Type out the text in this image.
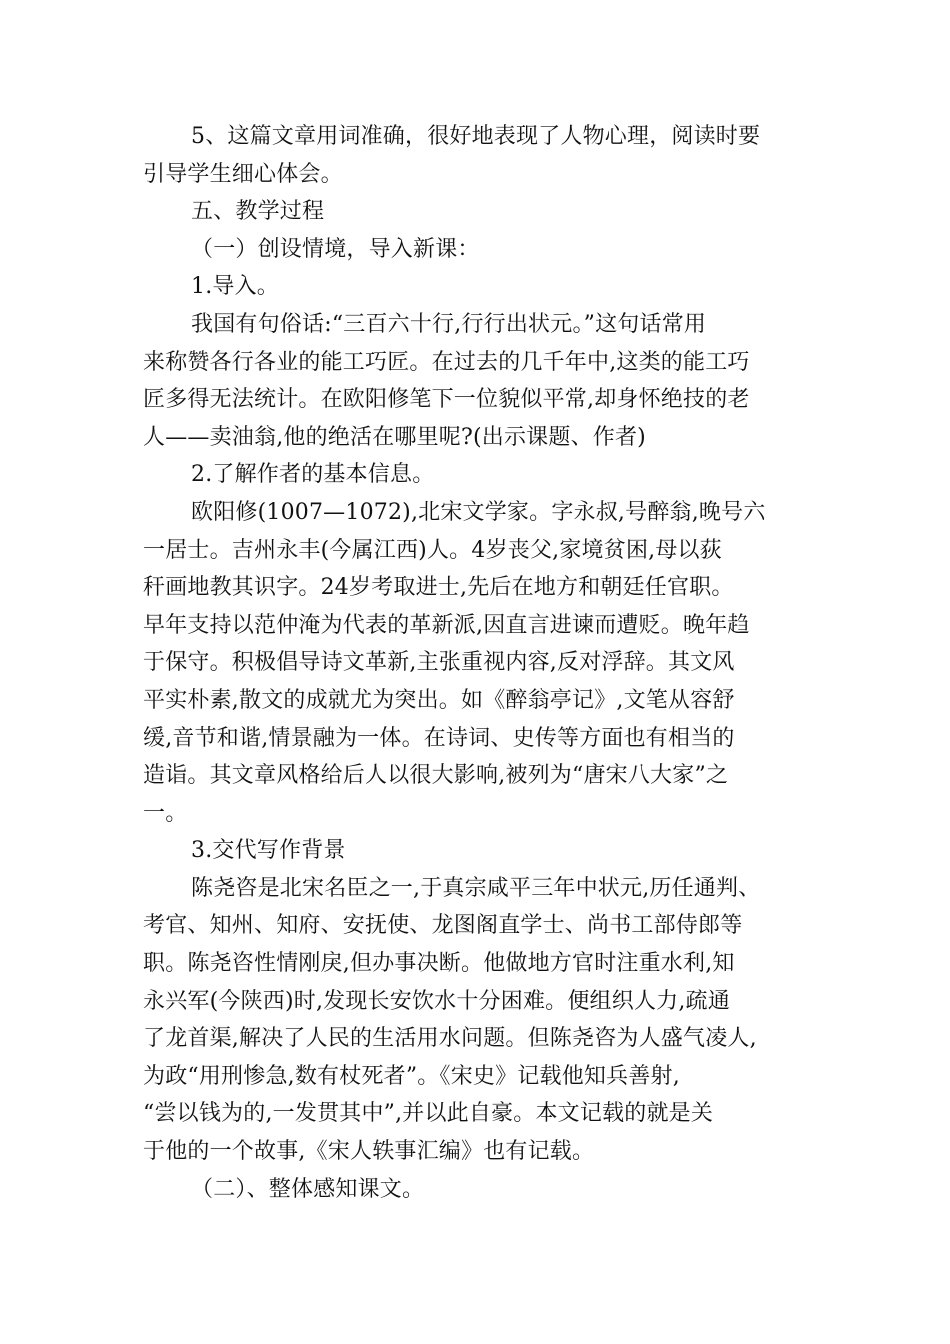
5、这篇文章用词准确，很好地表现了人物心理，阅读时要
引导学生细心体会。
五、教学过程
（一）创设情境，导入新课：
1.导入。
我国有句俗话:“三百六十行,行行出状元。”这句话常用
来称赞各行各业的能工巧匠。在过去的几千年中,这类的能工巧
匠多得无法统计。在欧阳修笔下一位貌似平常,却身怀绝技的老
人——卖油翁,他的绝活在哪里呢?(出示课题、作者)
2.了解作者的基本信息。
欧阳修(1007—1072),北宋文学家。字永叔,号醉翁,晚号六
一居士。吉州永丰(今属江西)人。4岁丧父,家境贫困,母以荻
秆画地教其识字。24岁考取进士,先后在地方和朝廷任官职。
早年支持以范仲淹为代表的革新派,因直言进谏而遭贬。晚年趋
于保守。积极倡导诗文革新,主张重视内容,反对浮辞。其文风
平实朴素,散文的成就尤为突出。如《醉翁亭记》,文笔从容舒
缓,音节和谐,情景融为一体。在诗词、史传等方面也有相当的
造诣。其文章风格给后人以很大影响,被列为“唐宋八大家”之
一。
3.交代写作背景
陈尧咨是北宋名臣之一,于真宗咸平三年中状元,历任通判、
考官、知州、知府、安抚使、龙图阁直学士、尚书工部侍郎等
职。陈尧咨性情刚戾,但办事决断。他做地方官时注重水利,知
永兴军(今陕西)时,发现长安饮水十分困难。便组织人力,疏通
了龙首渠,解决了人民的生活用水问题。但陈尧咨为人盛气凌人,
为政“用刑惨急,数有杖死者”。《宋史》记载他知兵善射,
“尝以钱为的,一发贯其中”,并以此自豪。本文记载的就是关
于他的一个故事,《宋人轶事汇编》也有记载。
（二）、整体感知课文。
